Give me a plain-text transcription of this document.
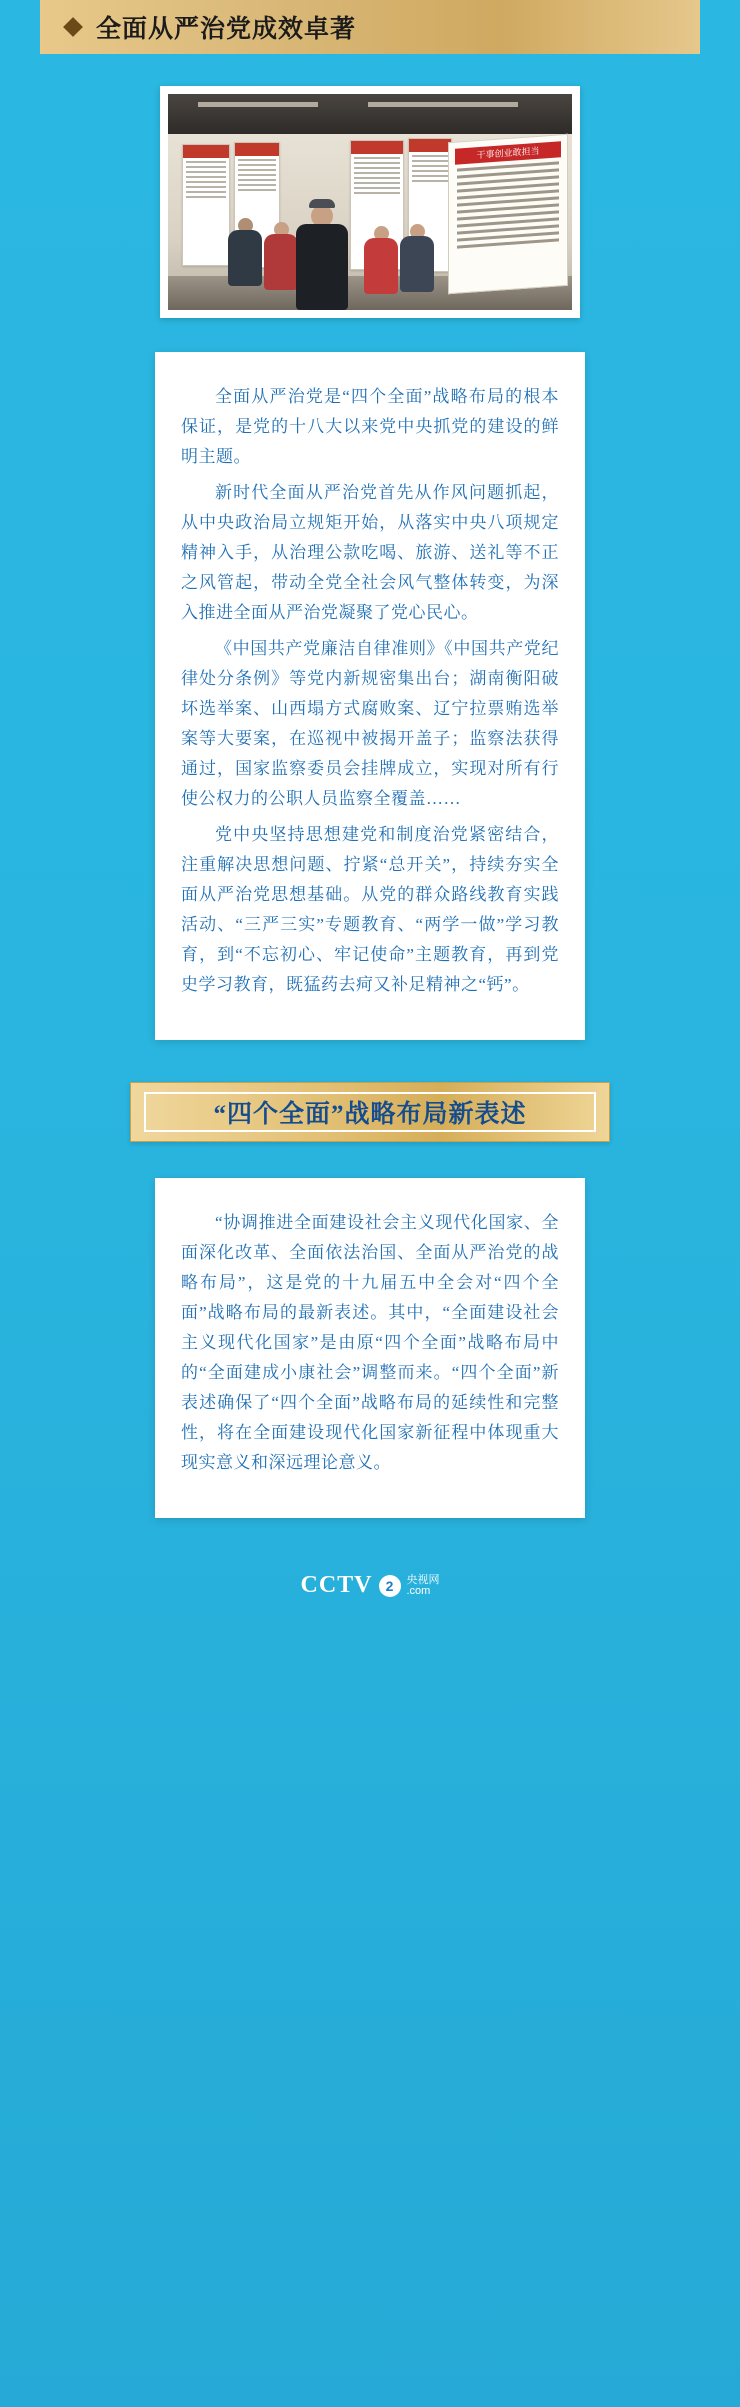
全面从严治党成效卓著
干事创业敢担当

全面从严治党是“四个全面”战略布局的根本保证，是党的十八大以来党中央抓党的建设的鲜明主题。

新时代全面从严治党首先从作风问题抓起，从中央政治局立规矩开始，从落实中央八项规定精神入手，从治理公款吃喝、旅游、送礼等不正之风管起，带动全党全社会风气整体转变，为深入推进全面从严治党凝聚了党心民心。

《中国共产党廉洁自律准则》《中国共产党纪律处分条例》等党内新规密集出台；湖南衡阳破坏选举案、山西塌方式腐败案、辽宁拉票贿选举案等大要案，在巡视中被揭开盖子；监察法获得通过，国家监察委员会挂牌成立，实现对所有行使公权力的公职人员监察全覆盖……

党中央坚持思想建党和制度治党紧密结合，注重解决思想问题、拧紧“总开关”，持续夯实全面从严治党思想基础。从党的群众路线教育实践活动、“三严三实”专题教育、“两学一做”学习教育，到“不忘初心、牢记使命”主题教育，再到党史学习教育，既猛药去疴又补足精神之“钙”。

“四个全面”战略布局新表述

“协调推进全面建设社会主义现代化国家、全面深化改革、全面依法治国、全面从严治党的战略布局”，这是党的十九届五中全会对“四个全面”战略布局的最新表述。其中，“全面建设社会主义现代化国家”是由原“四个全面”战略布局中的“全面建成小康社会”调整而来。“四个全面”新表述确保了“四个全面”战略布局的延续性和完整性，将在全面建设现代化国家新征程中体现重大现实意义和深远理论意义。

CCTV 2	央视网
.com
